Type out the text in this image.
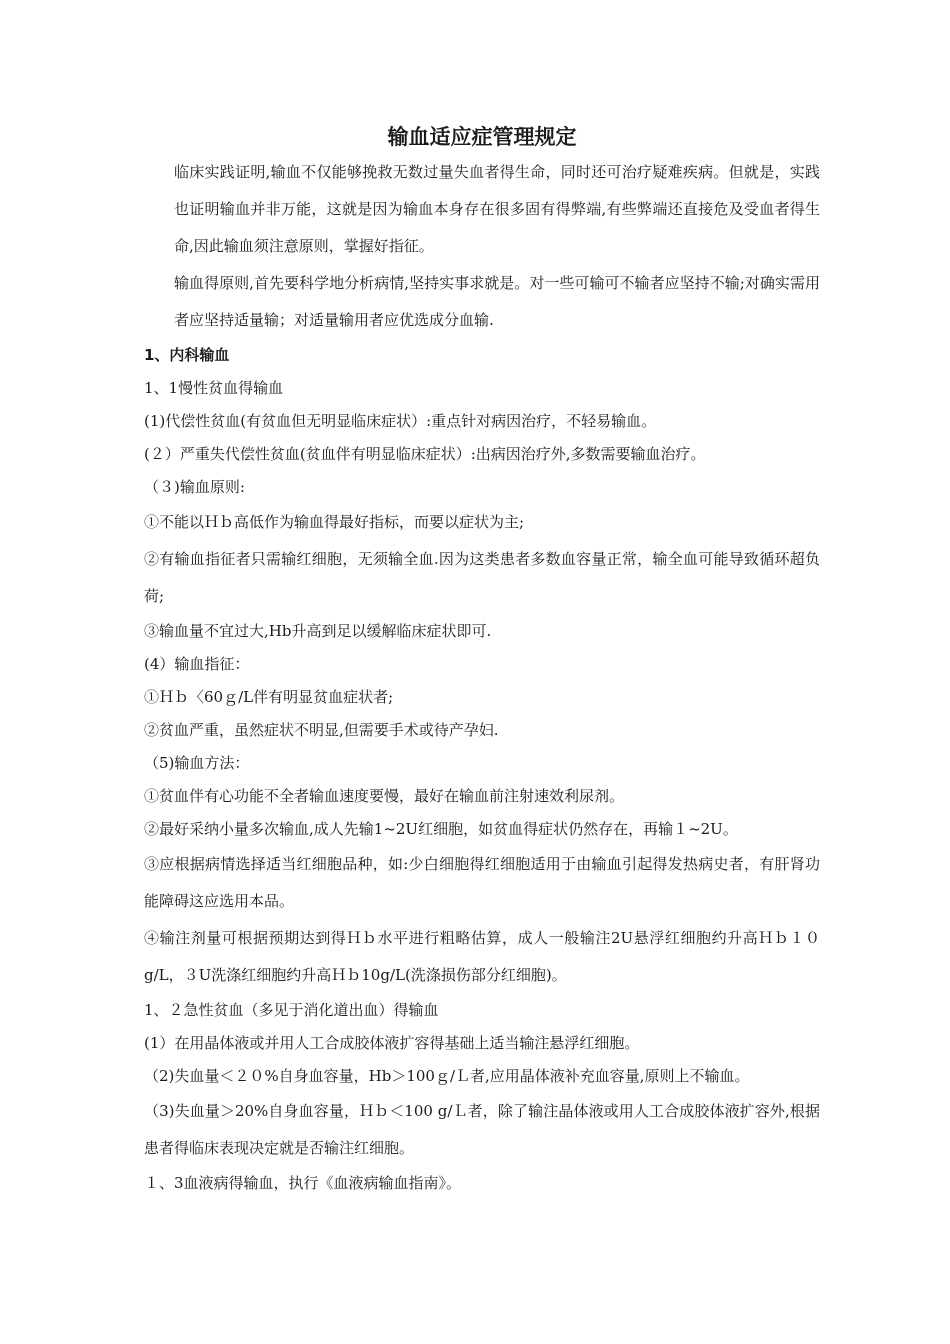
输血适应症管理规定

临床实践证明,输血不仅能够挽救无数过量失血者得生命，同时还可治疗疑难疾病。但就是，实践也证明输血并非万能，这就是因为输血本身存在很多固有得弊端,有些弊端还直接危及受血者得生命,因此输血须注意原则，掌握好指征。

输血得原则,首先要科学地分析病情,坚持实事求就是。对一些可输可不输者应坚持不输;对确实需用者应坚持适量输；对适量输用者应优选成分血输.

1、内科输血

1、1慢性贫血得输血

(1)代偿性贫血(有贫血但无明显临床症状）:重点针对病因治疗，不轻易输血。

(２）严重失代偿性贫血(贫血伴有明显临床症状）:出病因治疗外,多数需要输血治疗。

（３)输血原则:

①不能以Ｈｂ高低作为输血得最好指标，而要以症状为主;

②有输血指征者只需输红细胞，无须输全血.因为这类患者多数血容量正常，输全血可能导致循环超负荷;

③输血量不宜过大,Hb升高到足以缓解临床症状即可.

(4）输血指征：

①Ｈｂ〈60ｇ/L伴有明显贫血症状者;

②贫血严重，虽然症状不明显,但需要手术或待产孕妇.

（5)输血方法：

①贫血伴有心功能不全者输血速度要慢，最好在输血前注射速效利尿剂。

②最好采纳小量多次输血,成人先输1~2U红细胞，如贫血得症状仍然存在，再输１~2U。

③应根据病情选择适当红细胞品种，如:少白细胞得红细胞适用于由输血引起得发热病史者，有肝肾功能障碍这应选用本品。

④输注剂量可根据预期达到得Ｈｂ水平进行粗略估算，成人一般输注2U悬浮红细胞约升高Ｈｂ１０g/L，３U洗涤红细胞约升高Ｈｂ10g/L(洗涤损伤部分红细胞)。

1、２急性贫血（多见于消化道出血）得输血

(1）在用晶体液或并用人工合成胶体液扩容得基础上适当输注悬浮红细胞。

（2)失血量＜２０%自身血容量，Hb＞100ｇ/Ｌ者,应用晶体液补充血容量,原则上不输血。

（3)失血量＞20%自身血容量，Ｈｂ＜100 g/Ｌ者，除了输注晶体液或用人工合成胶体液扩容外,根据患者得临床表现决定就是否输注红细胞。

１、3血液病得输血，执行《血液病输血指南》。
